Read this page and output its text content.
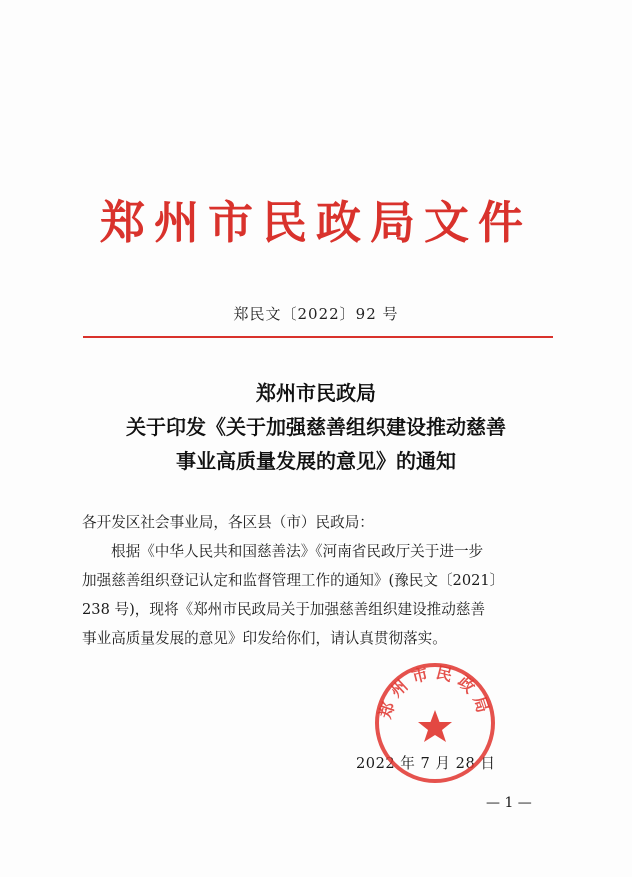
郑州市民政局文件
郑民文〔2022〕92 号
郑州市民政局
关于印发《关于加强慈善组织建设推动慈善
事业高质量发展的意见》的通知
各开发区社会事业局，各区县（市）民政局：
根据《中华人民共和国慈善法》《河南省民政厅关于进一步
加强慈善组织登记认定和监督管理工作的通知》(豫民文〔2021〕
238 号)，现将《郑州市民政局关于加强慈善组织建设推动慈善
事业高质量发展的意见》印发给你们，请认真贯彻落实。
2022 年 7 月 28 日
郑州市民政局
— 1 —
